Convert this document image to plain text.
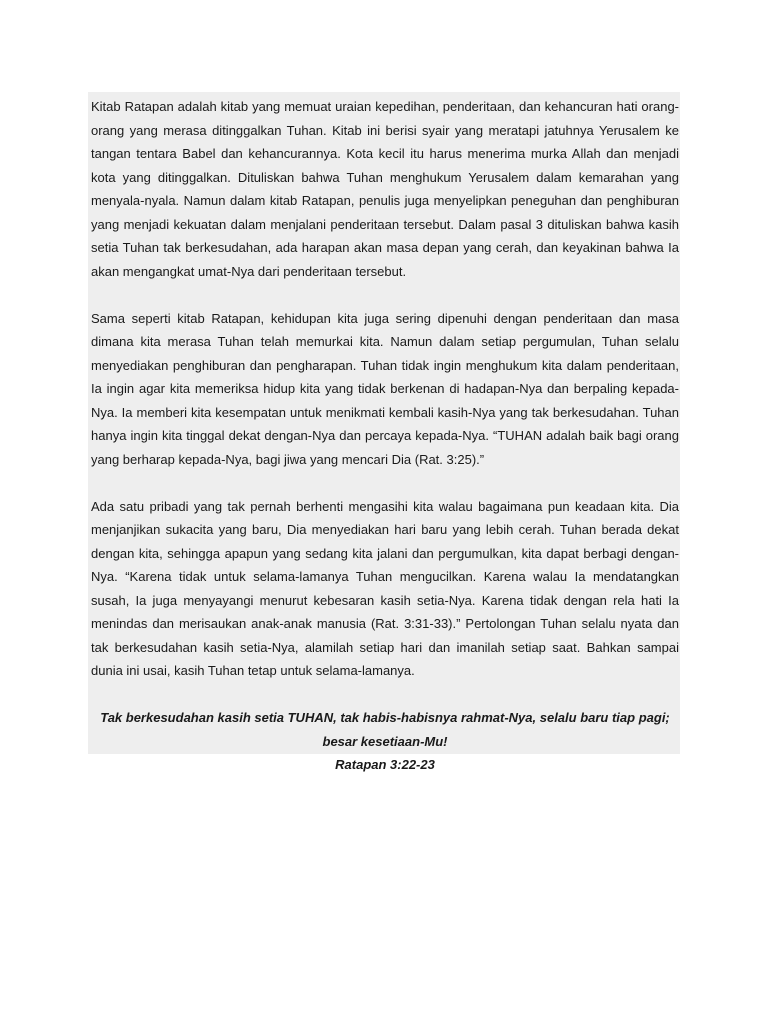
Kitab Ratapan adalah kitab yang memuat uraian kepedihan, penderitaan, dan kehancuran hati orang-orang yang merasa ditinggalkan Tuhan. Kitab ini berisi syair yang meratapi jatuhnya Yerusalem ke tangan tentara Babel dan kehancurannya. Kota kecil itu harus menerima murka Allah dan menjadi kota yang ditinggalkan. Dituliskan bahwa Tuhan menghukum Yerusalem dalam kemarahan yang menyala-nyala. Namun dalam kitab Ratapan, penulis juga menyelipkan peneguhan dan penghiburan yang menjadi kekuatan dalam menjalani penderitaan tersebut. Dalam pasal 3 dituliskan bahwa kasih setia Tuhan tak berkesudahan, ada harapan akan masa depan yang cerah, dan keyakinan bahwa Ia akan mengangkat umat-Nya dari penderitaan tersebut.

Sama seperti kitab Ratapan, kehidupan kita juga sering dipenuhi dengan penderitaan dan masa dimana kita merasa Tuhan telah memurkai kita. Namun dalam setiap pergumulan, Tuhan selalu menyediakan penghiburan dan pengharapan. Tuhan tidak ingin menghukum kita dalam penderitaan, Ia ingin agar kita memeriksa hidup kita yang tidak berkenan di hadapan-Nya dan berpaling kepada-Nya. Ia memberi kita kesempatan untuk menikmati kembali kasih-Nya yang tak berkesudahan. Tuhan hanya ingin kita tinggal dekat dengan-Nya dan percaya kepada-Nya. “TUHAN adalah baik bagi orang yang berharap kepada-Nya, bagi jiwa yang mencari Dia (Rat. 3:25).”

Ada satu pribadi yang tak pernah berhenti mengasihi kita walau bagaimana pun keadaan kita. Dia menjanjikan sukacita yang baru, Dia menyediakan hari baru yang lebih cerah. Tuhan berada dekat dengan kita, sehingga apapun yang sedang kita jalani dan pergumulkan, kita dapat berbagi dengan-Nya. “Karena tidak untuk selama-lamanya Tuhan mengucilkan. Karena walau Ia mendatangkan susah, Ia juga menyayangi menurut kebesaran kasih setia-Nya. Karena tidak dengan rela hati Ia menindas dan merisaukan anak-anak manusia (Rat. 3:31-33).” Pertolongan Tuhan selalu nyata dan tak berkesudahan kasih setia-Nya, alamilah setiap hari dan imanilah setiap saat. Bahkan sampai dunia ini usai, kasih Tuhan tetap untuk selama-lamanya.

Tak berkesudahan kasih setia TUHAN, tak habis-habisnya rahmat-Nya, selalu baru tiap pagi;

besar kesetiaan-Mu!

Ratapan 3:22-23
